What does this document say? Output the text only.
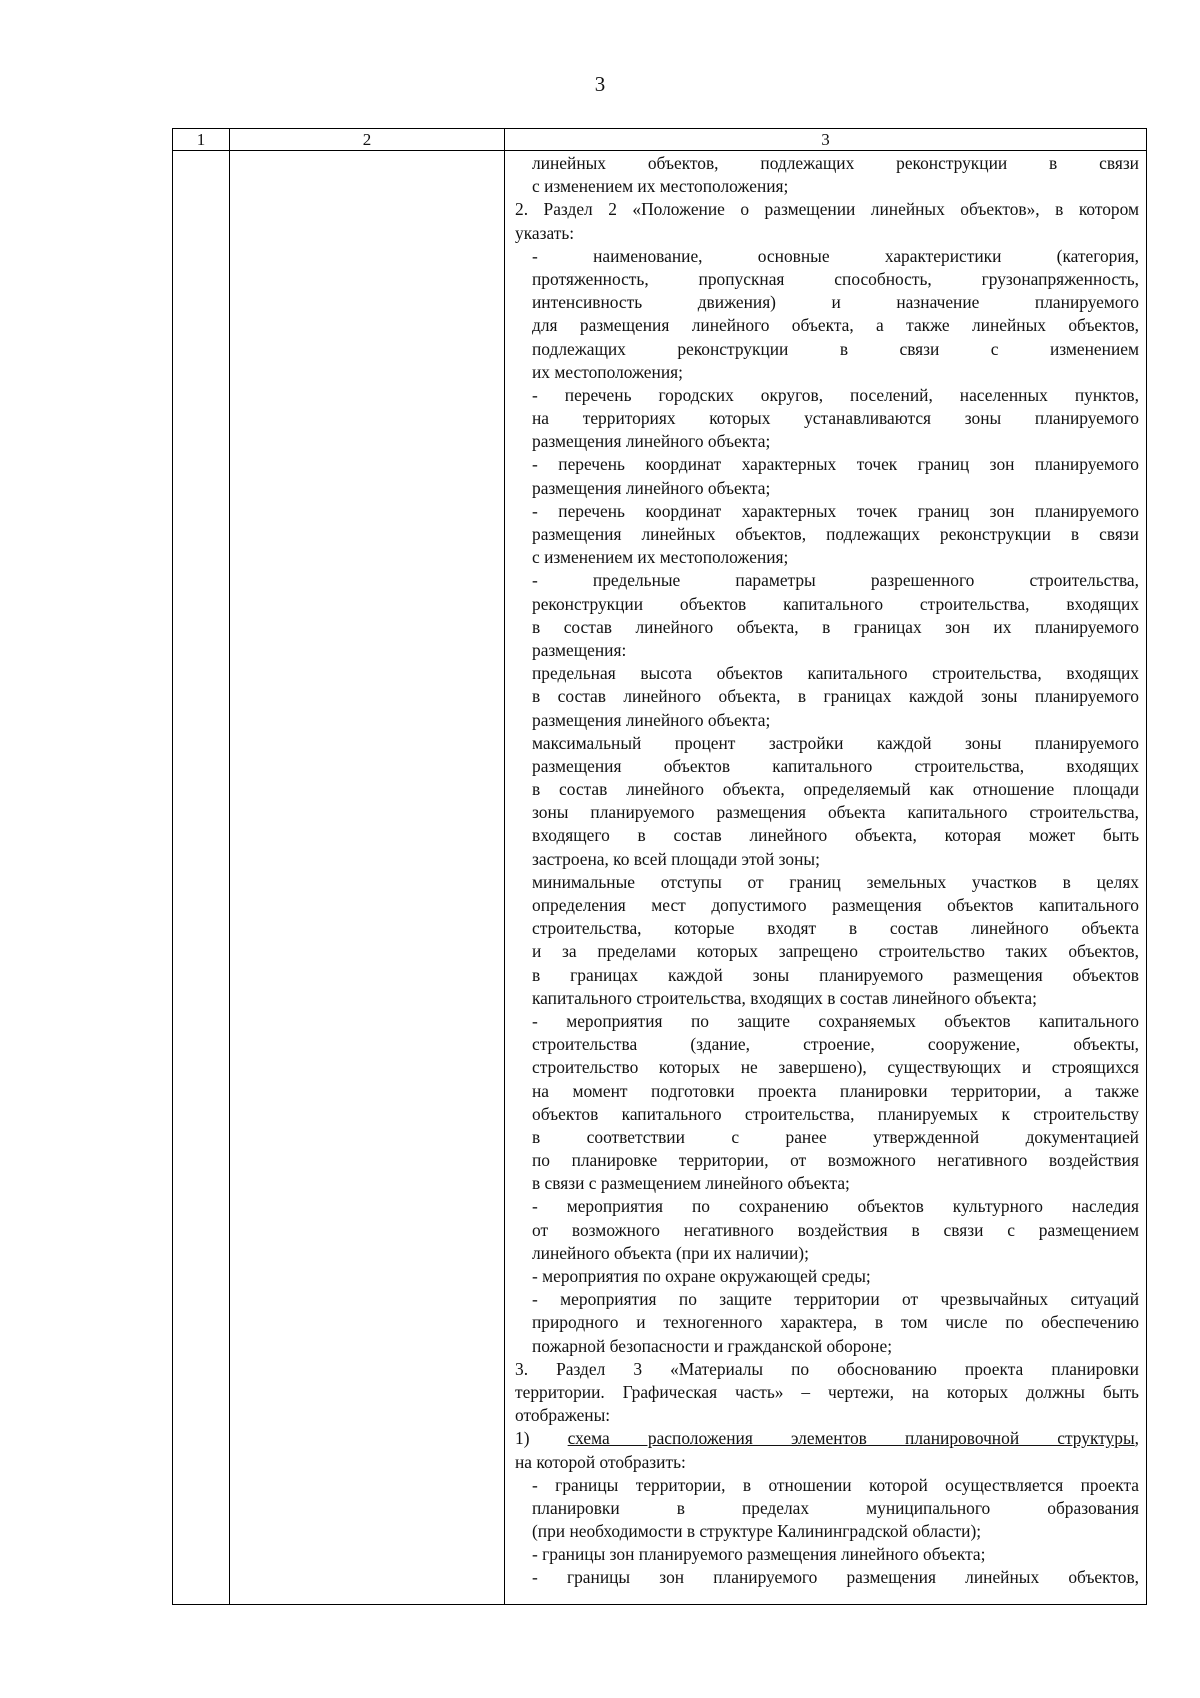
3
1	2	3
линейных объектов, подлежащих реконструкции в связи
с изменением их местоположения;
2. Раздел 2 «Положение о размещении линейных объектов», в котором
указать:
- наименование, основные характеристики (категория,
протяженность, пропускная способность, грузонапряженность,
интенсивность движения) и назначение планируемого
для размещения линейного объекта, а также линейных объектов,
подлежащих реконструкции в связи с изменением
их местоположения;
- перечень городских округов, поселений, населенных пунктов,
на территориях которых устанавливаются зоны планируемого
размещения линейного объекта;
- перечень координат характерных точек границ зон планируемого
размещения линейного объекта;
- перечень координат характерных точек границ зон планируемого
размещения линейных объектов, подлежащих реконструкции в связи
с изменением их местоположения;
- предельные параметры разрешенного строительства,
реконструкции объектов капитального строительства, входящих
в состав линейного объекта, в границах зон их планируемого
размещения:
предельная высота объектов капитального строительства, входящих
в состав линейного объекта, в границах каждой зоны планируемого
размещения линейного объекта;
максимальный процент застройки каждой зоны планируемого
размещения объектов капитального строительства, входящих
в состав линейного объекта, определяемый как отношение площади
зоны планируемого размещения объекта капитального строительства,
входящего в состав линейного объекта, которая может быть
застроена, ко всей площади этой зоны;
минимальные отступы от границ земельных участков в целях
определения мест допустимого размещения объектов капитального
строительства, которые входят в состав линейного объекта
и за пределами которых запрещено строительство таких объектов,
в границах каждой зоны планируемого размещения объектов
капитального строительства, входящих в состав линейного объекта;
- мероприятия по защите сохраняемых объектов капитального
строительства (здание, строение, сооружение, объекты,
строительство которых не завершено), существующих и строящихся
на момент подготовки проекта планировки территории, а также
объектов капитального строительства, планируемых к строительству
в соответствии с ранее утвержденной документацией
по планировке территории, от возможного негативного воздействия
в связи с размещением линейного объекта;
- мероприятия по сохранению объектов культурного наследия
от возможного негативного воздействия в связи с размещением
линейного объекта (при их наличии);
- мероприятия по охране окружающей среды;
- мероприятия по защите территории от чрезвычайных ситуаций
природного и техногенного характера, в том числе по обеспечению
пожарной безопасности и гражданской обороне;
3. Раздел 3 «Материалы по обоснованию проекта планировки
территории. Графическая часть» – чертежи, на которых должны быть
отображены:
1) схема расположения элементов планировочной структуры,
на которой отобразить:
- границы территории, в отношении которой осуществляется проекта
планировки в пределах муниципального образования
(при необходимости в структуре Калининградской области);
- границы зон планируемого размещения линейного объекта;
- границы зон планируемого размещения линейных объектов,
